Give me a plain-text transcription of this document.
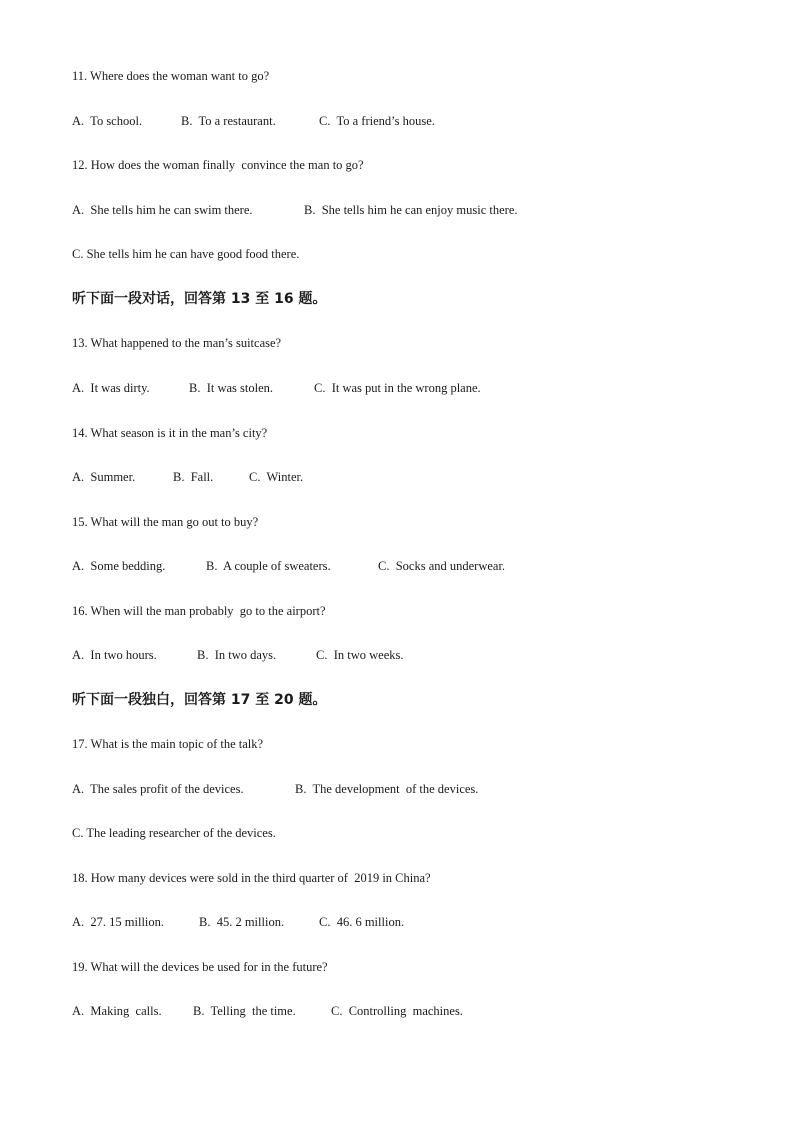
11. Where does the woman want to go?
A.  To school.	B.  To a restaurant.	C.  To a friend’s house.
12. How does the woman finally  convince the man to go?
A.  She tells him he can swim there.	B.  She tells him he can enjoy music there.
C. She tells him he can have good food there.
听下面一段对话，回答第 13 至 16 题。
13. What happened to the man’s suitcase?
A.  It was dirty.	B.  It was stolen.	C.  It was put in the wrong plane.
14. What season is it in the man’s city?
A.  Summer.	B.  Fall.	C.  Winter.
15. What will the man go out to buy?
A.  Some bedding.	B.  A couple of sweaters.	C.  Socks and underwear.
16. When will the man probably  go to the airport?
A.  In two hours.	B.  In two days.	C.  In two weeks.
听下面一段独白，回答第 17 至 20 题。
17. What is the main topic of the talk?
A.  The sales profit of the devices.	B.  The development  of the devices.
C. The leading researcher of the devices.
18. How many devices were sold in the third quarter of  2019 in China?
A.  27. 15 million.	B.  45. 2 million.	C.  46. 6 million.
19. What will the devices be used for in the future?
A.  Making  calls.	B.  Telling  the time.	C.  Controlling  machines.
